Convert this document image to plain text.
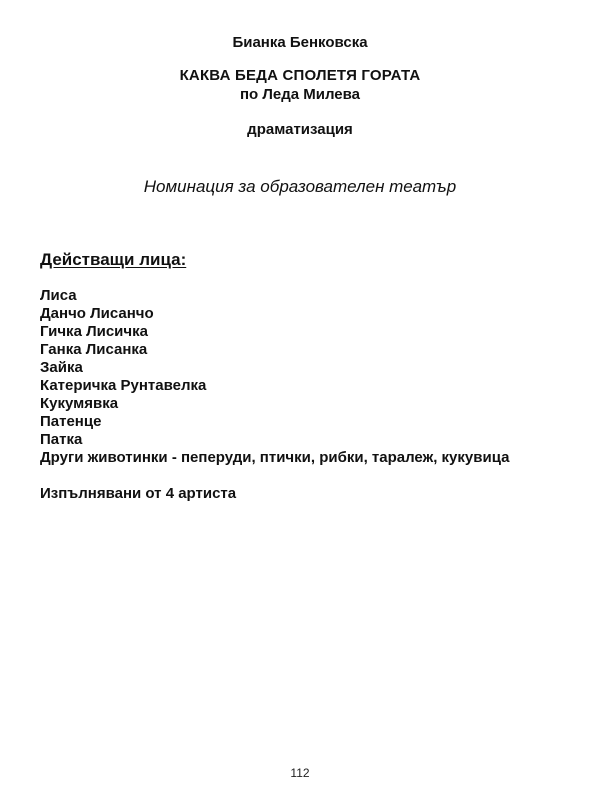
Бианка Бенковска
КАКВА БЕДА СПОЛЕТЯ ГОРАТА
по Леда Милева
драматизация
Номинация за образователен театър
Действащи лица:
Лиса
Данчо Лисанчо
Гичка Лисичка
Ганка Лисанка
Зайка
Катеричка Рунтавелка
Кукумявка
Патенце
Патка
Други животинки - пеперуди, птички, рибки, таралеж, кукувица
Изпълнявани от 4 артиста
112
